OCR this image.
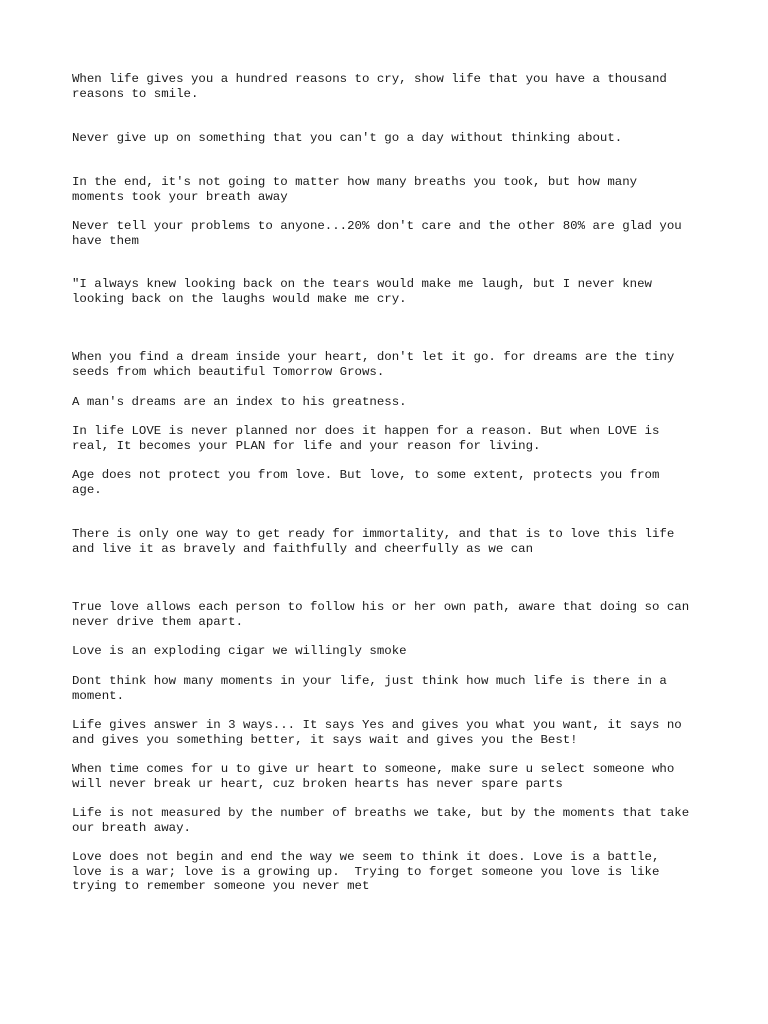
When life gives you a hundred reasons to cry, show life that you have a thousand
reasons to smile.

Never give up on something that you can't go a day without thinking about.

In the end, it's not going to matter how many breaths you took, but how many
moments took your breath away

Never tell your problems to anyone...20% don't care and the other 80% are glad you
have them

"I always knew looking back on the tears would make me laugh, but I never knew
looking back on the laughs would make me cry.

When you find a dream inside your heart, don't let it go. for dreams are the tiny
seeds from which beautiful Tomorrow Grows.

A man's dreams are an index to his greatness.

In life LOVE is never planned nor does it happen for a reason. But when LOVE is
real, It becomes your PLAN for life and your reason for living.

Age does not protect you from love. But love, to some extent, protects you from
age.

There is only one way to get ready for immortality, and that is to love this life
and live it as bravely and faithfully and cheerfully as we can

True love allows each person to follow his or her own path, aware that doing so can
never drive them apart.

Love is an exploding cigar we willingly smoke

Dont think how many moments in your life, just think how much life is there in a
moment.

Life gives answer in 3 ways... It says Yes and gives you what you want, it says no
and gives you something better, it says wait and gives you the Best!

When time comes for u to give ur heart to someone, make sure u select someone who
will never break ur heart, cuz broken hearts has never spare parts

Life is not measured by the number of breaths we take, but by the moments that take
our breath away.

Love does not begin and end the way we seem to think it does. Love is a battle,
love is a war; love is a growing up.  Trying to forget someone you love is like
trying to remember someone you never met
